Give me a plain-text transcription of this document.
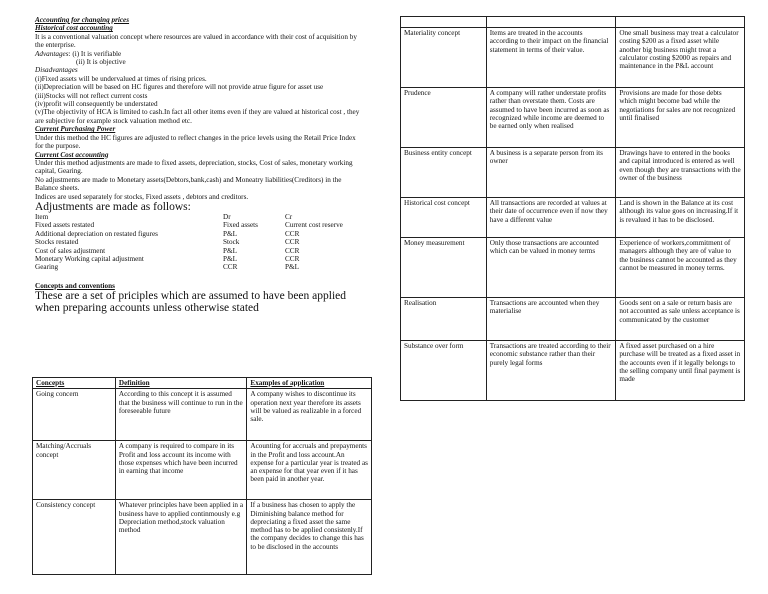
Accounting for changing prices
Historical cost accounting
It is a conventional valuation concept where resources are valued in accordance with their cost of acquisition by the enterprise.
Advantages: (i) It is verifiable
(ii) It is objective
Disadvantages
(i)Fixed assets will be undervalued at times of rising prices.
(ii)Depreciation will be based on HC figures and therefore will not provide atrue figure for asset use
(iii)Stocks will not reflect current costs
(iv)profit will consequently be understated
(v)The objectivity of HCA is limited to cash.In fact all other items even if they are valued at historical cost , they are subjective for example stock valuation method etc.
Current Purchasing Power
Under this method the HC figures are adjusted to reflect changes in the price levels using the Retail Price Index for the purpose.
Current Cost accounting
Under this method adjustments are made to fixed assets, depreciation, stocks, Cost of sales, monetary working capital, Gearing.
No adjustments are made to Monetary assets(Debtors,bank,cash) and Moneatry liabilities(Creditors) in the Balance sheets.
Indices are used separately for stocks, Fixed assets , debtors and creditors.
Adjustments are made as follows:
Item	Dr	Cr
Fixed assets restated	Fixed assets	Current cost reserve
Additional depreciation on restated figures	P&L	CCR
Stocks restated	Stock	CCR
Cost of sales adjustment	P&L	CCR
Monetary Working capital adjustment	P&L	CCR
Gearing	CCR	P&L
Concepts and conventions
These are a set of priciples which are assumed to have been applied when preparing accounts unless otherwise stated
Concepts	Definition	Examples of application
Going concern	According to this concept it is assumed that the business will continue to run in the foreseeable future	A company wishes to discontinue its operation next year therefore its assets will be valued as realizable in a forced sale.
Matching/Accruals concept	A company is required to compare in its Profit and loss account its income with those expenses which have been incurred in earning that income	Acounting for accruals and prepayments in the Profit and loss account.An expense for a particular year is treated as an expense for that year even if it has been paid in another year.
Consistency concept	Whatever principles have been applied in a business have to applied continmously e.g Depreciation method,stock valuation method	If a business has chosen to apply the Diminishing balance method for depreciating a fixed asset the same method has to be applied consistenly.If the company decides to change this has to be disclosed in the accounts

Materiality concept	Items are treated in the accounts according to their impact on the financial statement in terms of their value.	One small business may treat a calculator costing $200 as a fixed asset while another big business might treat a calculator costing $2000 as repairs and maintenance in the P&L account
Prudence	A company will rather understate profits rather than overstate them. Costs are assumed to have been incurred as soon as recognized while income are deemed to be earned only when realised	Provisions are made for those debts which might become bad while the negotiations for sales are not recognized until finalised
Business entity concept	A business is a separate person from its owner	Drawings have to entered in the books and capital introduced is entered as well even though they are transactions with the owner of the business
Historical cost concept	All transactions are recorded at values at their date of occurrence even if now they have a different value	Land is shown in the Balance at its cost although its value goes on increasing.If it is revalued it has to be disclosed.
Money measurement	Only those transactions are accounted which can be valued in money terms	Experience of workers,commitment of managers although they are of value to the business cannot be accounted as they cannot be measured in money terms.
Realisation	Transactions are accounted when they materialise	Goods sent on a sale or return basis are not accounted as sale unless acceptance is communicated by the customer
Substance over form	Transactions are treated according to their economic substance rather than their purely legal forms	A fixed asset purchased on a hire purchase will be treated as a fixed asset in the accounts even if it legally belongs to the selling company until final payment is made
